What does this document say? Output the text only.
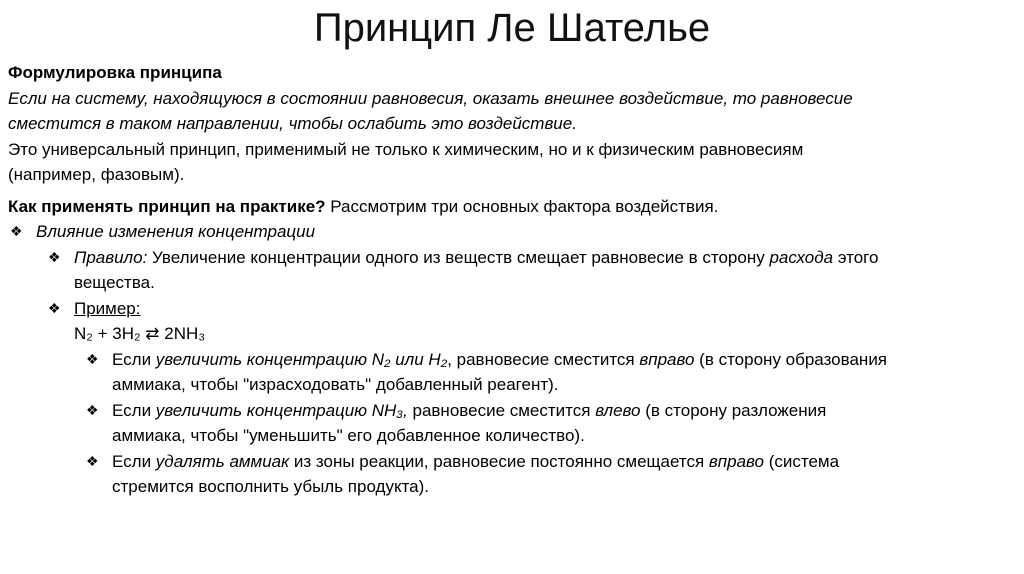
Принцип Ле Шателье
Формулировка принципа
Если на систему, находящуюся в состоянии равновесия, оказать внешнее воздействие, то равновесие
сместится в таком направлении, чтобы ослабить это воздействие.
Это универсальный принцип, применимый не только к химическим, но и к физическим равновесиям
(например, фазовым).
Как применять принцип на практике? Рассмотрим три основных фактора воздействия.
❖ Влияние изменения концентрации
❖ Правило: Увеличение концентрации одного из веществ смещает равновесие в сторону расхода этого
вещества.
❖ Пример:
N₂ + 3H₂ ⇄ 2NH₃
❖ Если увеличить концентрацию N₂ или H₂, равновесие сместится вправо (в сторону образования
аммиака, чтобы "израсходовать" добавленный реагент).
❖ Если увеличить концентрацию NH₃, равновесие сместится влево (в сторону разложения
аммиака, чтобы "уменьшить" его добавленное количество).
❖ Если удалять аммиак из зоны реакции, равновесие постоянно смещается вправо (система
стремится восполнить убыль продукта).
